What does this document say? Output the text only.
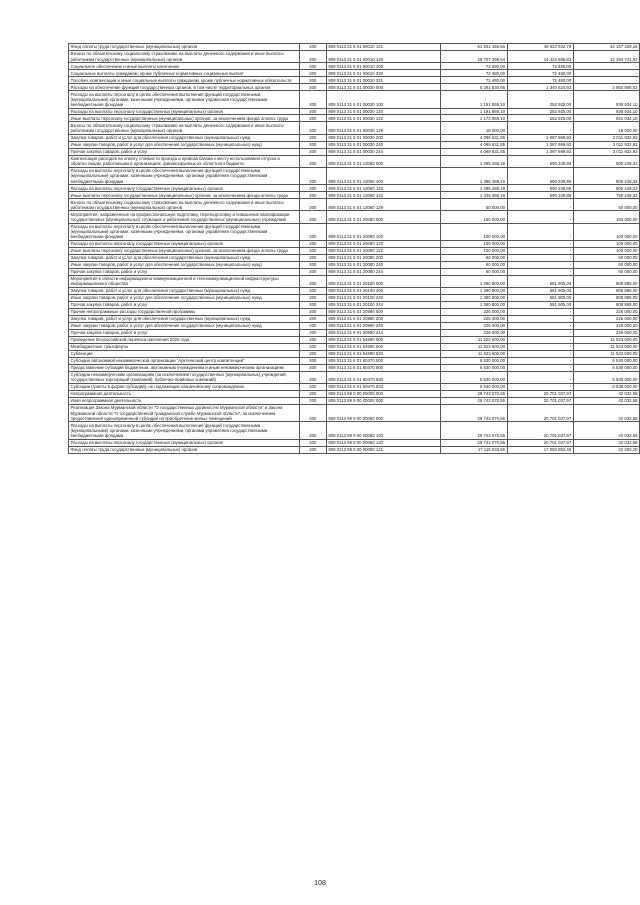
Фонд оплаты труда государственных (муниципальных) органов	200	809 0113 31 5 01 00010 121	61 931 155,56	49 623 932,78	42 157 329,18
Взносы по обязательному социальному страхованию на выплаты денежного содержания и иные выплаты работникам государственных (муниципальных) органов	200	809 0113 31 5 01 00010 129	26 707 398,64	14 422 685,83	12 284 741,81
Социальное обеспечение и иные выплаты населению	200	809 0113 31 5 01 00010 300	72 480,00	72 480,00	-
Социальные выплаты гражданам, кроме публичных нормативных социальных выплат	200	809 0113 31 5 01 00010 320	72 480,00	72 480,00	-
Пособия, компенсации и иные социальные выплаты гражданам, кроме публичных нормативных обязательств	200	809 0113 31 5 01 00010 321	72 480,00	72 480,00	-
Расходы на обеспечение функций государственных органов, в том числе территориальных органов	200	809 0113 31 5 01 00030 000	5 291 530,95	1 340 624,92	3 950 906,03
Расходы на выплаты персоналу в целях обеспечения выполнения функций государственными (муниципальными) органами, казенными учреждениями, органами управления государственными внебюджетными фондами	200	809 0113 31 5 01 00030 100	1 191 859,10	252 925,00	938 934,10
Расходы на выплаты персоналу государственных (муниципальных) органов	200	809 0113 31 5 01 00030 120	1 191 859,10	252 925,00	938 934,10
Иные выплаты персоналу государственных (муниципальных) органов, за исключением фонда оплаты труда	200	809 0113 31 5 01 00030 122	1 173 959,10	252 925,00	921 034,10
Взносы по обязательному социальному страхованию на выплаты денежного содержания и иные выплаты работникам государственных (муниципальных) органов	200	809 0113 31 5 01 00030 129	18 000,00	-	18 000,00
Закупка товаров, работ и услуг для обеспечения государственных (муниципальных) нужд	200	809 0113 31 5 01 00030 200	4 099 631,85	1 087 699,92	3 011 932,93
Иные закупки товаров, работ и услуг для обеспечения государственных (муниципальных) нужд	200	809 0113 31 5 01 00030 240	4 099 631,85	1 087 699,92	3 011 932,93
Прочая закупка товаров, работ и услуг	200	809 0113 31 5 01 00030 244	4 099 631,85	1 087 699,92	3 011 932,93
Компенсация расходов на оплату стоимости проезда и провоза багажа к месту использования отпуска и обратно лицам, работающим в организациях, финансируемых из областного бюджета	200	809 0113 31 5 01 13060 000	1 395 488,19	590 239,86	805 248,33
Расходы на выплаты персоналу в целях обеспечения выполнения функций государственными (муниципальными) органами, казенными учреждениями, органами управления государственными внебюджетными фондами	200	809 0113 31 5 01 13060 100	1 395 488,19	590 239,86	805 248,33
Расходы на выплаты персоналу государственных (муниципальных) органов	200	809 0113 31 5 01 13060 120	1 395 488,19	590 239,86	805 248,33
Иные выплаты персоналу государственных (муниципальных) органов, за исключением фонда оплаты труда	200	809 0113 31 5 01 13060 122	1 335 488,19	590 239,86	755 248,33
Взносы по обязательному социальному страхованию на выплаты денежного содержания и иные выплаты работникам государственных (муниципальных) органов	200	809 0113 31 5 01 13060 129	50 000,00	-	50 000,00
Мероприятия, направленные на профессиональную подготовку, переподготовку и повышение квалификации государственных (муниципальных) служащих и работников государственных (муниципальных) учреждений	200	809 0113 31 5 01 20080 000	160 000,00	-	160 000,00
Расходы на выплаты персоналу в целях обеспечения выполнения функций государственными (муниципальными) органами, казенными учреждениями, органами управления государственными внебюджетными фондами	200	809 0113 31 5 01 20080 100	100 000,00	-	100 000,00
Расходы на выплаты персоналу государственных (муниципальных) органов	200	809 0113 31 5 01 20080 120	100 000,00	-	100 000,00
Иные выплаты персоналу государственных (муниципальных) органов, за исключением фонда оплаты труда	200	809 0113 31 5 01 20080 122	100 000,00	-	100 000,00
Закупка товаров, работ и услуг для обеспечения государственных (муниципальных) нужд	200	809 0113 31 5 01 20080 200	60 000,00	-	60 000,00
Иные закупки товаров, работ и услуг для обеспечения государственных (муниципальных) нужд	200	809 0113 31 5 01 20080 240	60 000,00	-	60 000,00
Прочая закупка товаров, работ и услуг	200	809 0113 31 5 01 20080 244	60 000,00	-	60 000,00
Мероприятия в области информационно-коммуникационной и телекоммуникационной инфраструктуры информационного общества	200	809 0113 31 5 01 20100 000	1 390 800,00	581 905,00	808 895,00
Закупка товаров, работ и услуг для обеспечения государственных (муниципальных) нужд	200	809 0113 31 5 01 20100 200	1 390 800,00	581 905,00	808 895,00
Иные закупки товаров, работ и услуг для обеспечения государственных (муниципальных) нужд	200	809 0113 31 5 01 20100 240	1 390 800,00	581 905,00	808 895,00
Прочая закупка товаров, работ и услуг	200	809 0113 31 5 01 20100 244	1 390 800,00	581 905,00	808 895,00
Прочие непрограммные расходы государственной программы	200	809 0113 31 6 01 20990 000	226 000,00	-	226 000,00
Закупка товаров, работ и услуг для обеспечения государственных (муниципальных) нужд	200	809 0113 31 6 01 20990 200	226 000,00	-	226 000,00
Иные закупки товаров, работ и услуг для обеспечения государственных (муниципальных) нужд	200	809 0113 31 6 01 20990 240	226 000,00	-	226 000,00
Прочая закупка товаров, работ и услуг	200	809 0113 31 6 01 20990 244	226 000,00	-	226 000,00
Проведение Всероссийской переписи населения 2020 года	200	809 0113 31 6 01 54690 000	11 523 600,00	-	11 523 600,00
Межбюджетные трансферты	200	809 0113 31 6 01 54690 500	11 523 600,00	-	11 523 600,00
Субвенции	200	809 0113 31 6 01 54690 530	11 523 600,00	-	11 523 600,00
Субсидия автономной некоммерческой организации "Арктический центр компетенций"	200	809 0113 31 6 01 60470 000	6 530 000,00	-	6 530 000,00
Предоставление субсидий бюджетным, автономным учреждениям и иным некоммерческим организациям	200	809 0113 31 6 01 60470 600	6 530 000,00	-	6 530 000,00
Субсидии некоммерческим организациям (за исключением государственных (муниципальных) учреждений, государственных корпораций (компаний), публично-правовых компаний)	200	809 0113 31 6 01 60470 630	6 530 000,00	-	6 530 000,00
Субсидии (гранты в форме субсидий), не подлежащие казначейскому сопровождению	200	809 0113 31 6 01 60470 633	6 530 000,00	-	6 530 000,00
Непрограммная деятельность	200	809 0113 99 0 00 00000 000	29 743 070,55	20 701 037,97	42 032,58
Иная непрограммная деятельность	200	809 0113 99 9 00 00000 000	29 743 070,55	20 701 037,97	42 032,58
Реализация Закона Мурманской области "О государственных должностях Мурманской области" и Закона Мурманской области "О государственной гражданской службе Мурманской области", за исключением предоставления единовременной субсидии на приобретение жилых помещений	200	809 0113 99 9 00 00060 000	29 743 070,55	20 701 037,97	42 032,58
Расходы на выплаты персоналу в целях обеспечения выполнения функций государственными (муниципальными) органами, казенными учреждениями, органами управления государственными внебюджетными фондами	200	809 0113 99 9 00 00060 100	29 743 070,55	20 701 037,97	42 032,58
Расходы на выплаты персоналу государственных (муниципальных) органов	200	809 0113 99 9 00 00060 120	29 743 070,55	20 701 037,97	42 032,58
Фонд оплаты труда государственных (муниципальных) органов	200	809 0113 99 9 00 00060 121	17 115 533,66	17 093 852,46	22 283,20
108
